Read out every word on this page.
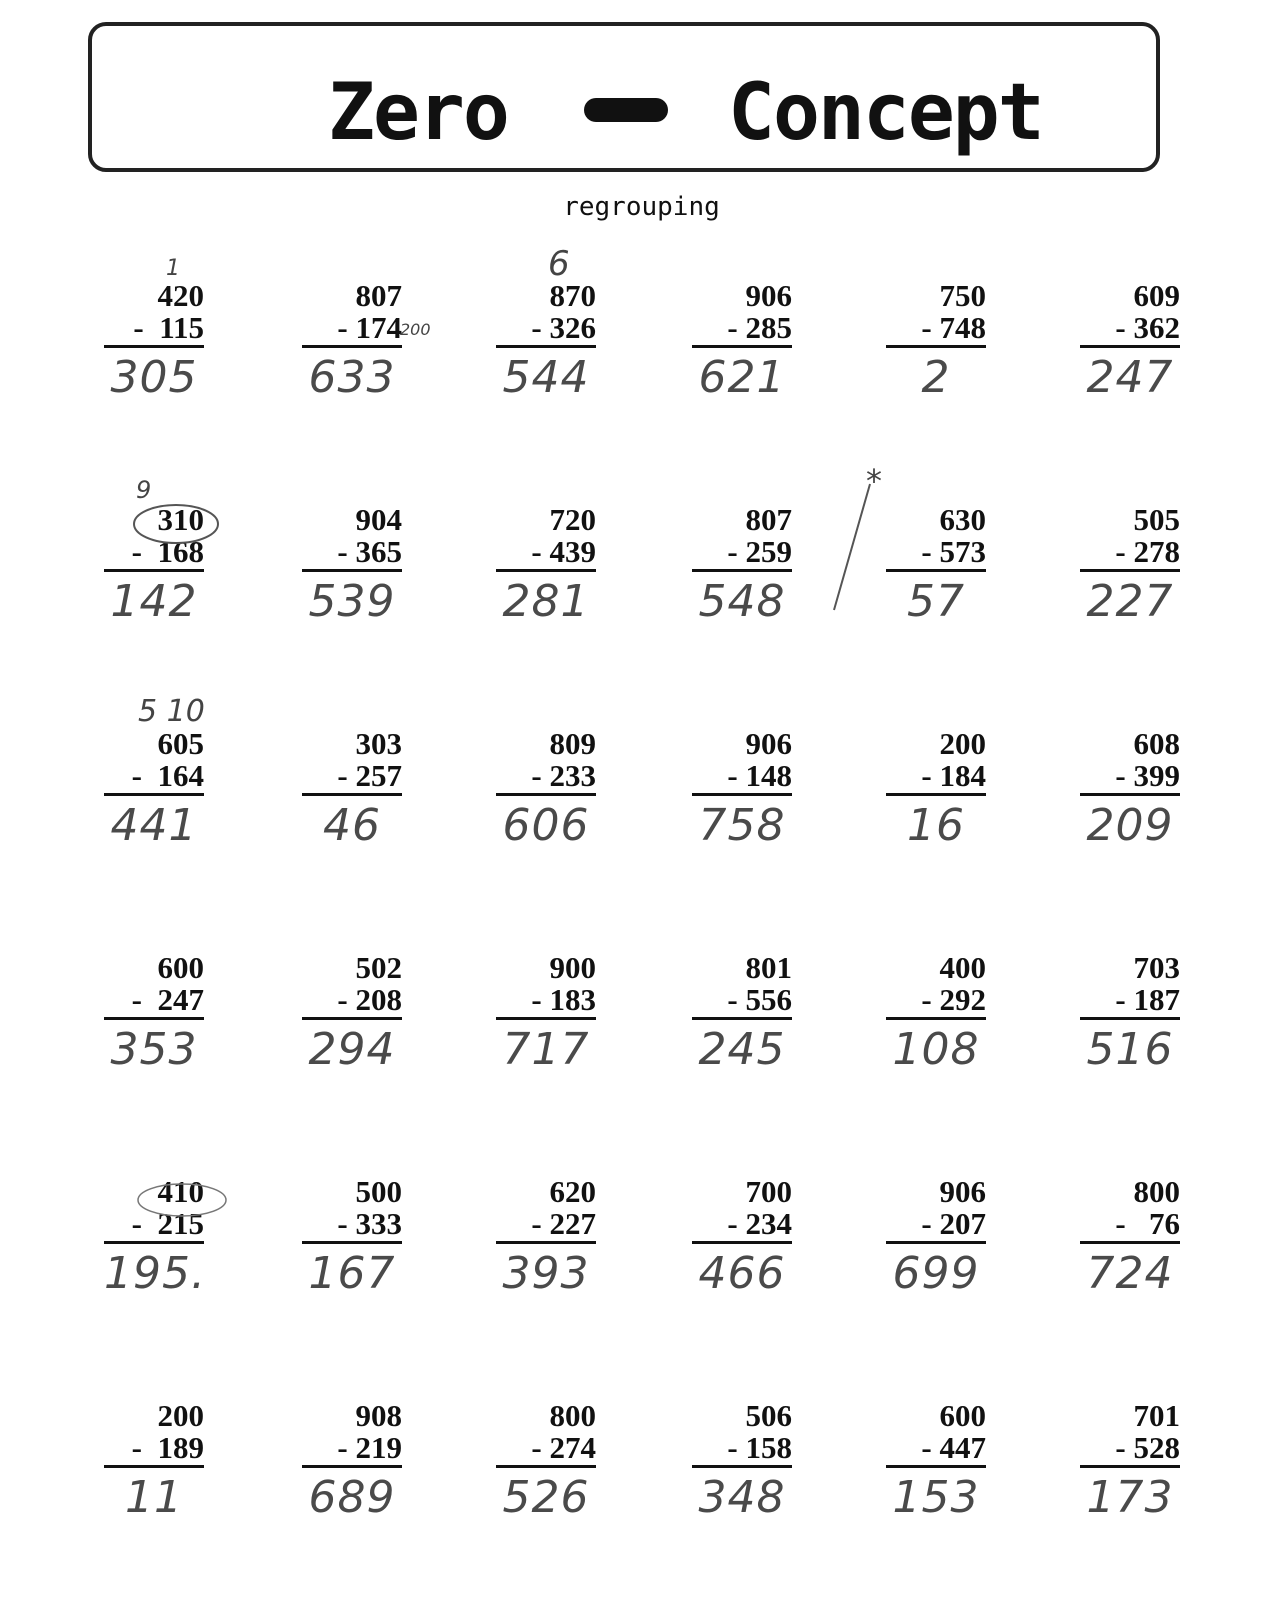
Zero	Concept
regrouping
420
-  115
305
807
- 174
633
870
- 326
544
906
- 285
621
750
- 748
2
609
- 362
247
310
-  168
142
904
- 365
539
720
- 439
281
807
- 259
548
630
- 573
57
505
- 278
227
605
-  164
441
303
- 257
46
809
- 233
606
906
- 148
758
200
- 184
16
608
- 399
209
600
-  247
353
502
- 208
294
900
- 183
717
801
- 556
245
400
- 292
108
703
- 187
516
410
-  215
195.
500
- 333
167
620
- 227
393
700
- 234
466
906
- 207
699
800
-   76
724
200
-  189
11
908
- 219
689
800
- 274
526
506
- 158
348
600
- 447
153
701
- 528
173
1	6
200
9
5 10
*
